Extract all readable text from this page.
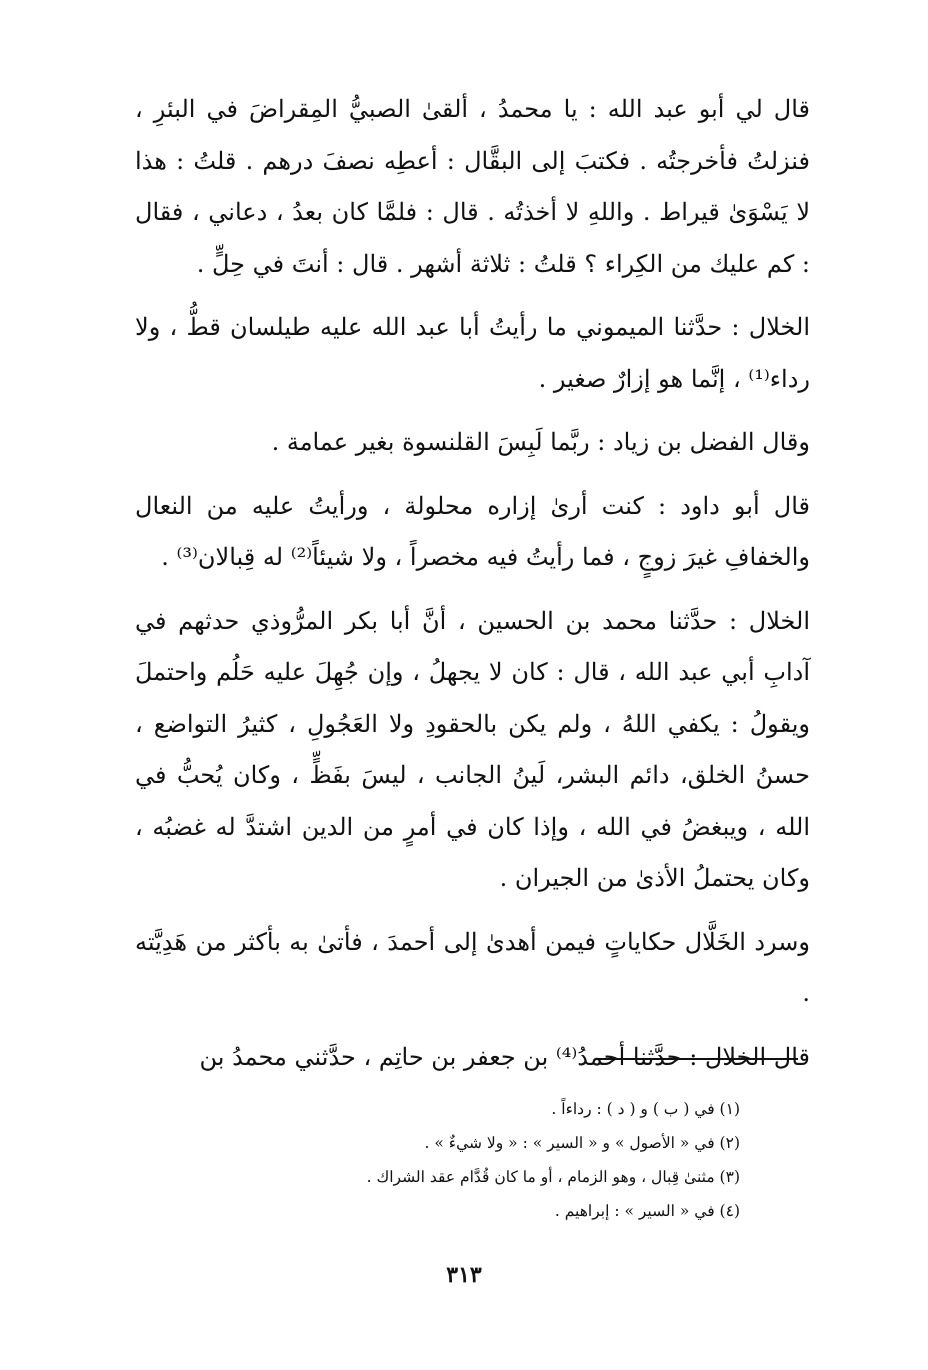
قال لي أبو عبد الله : يا محمدُ ، ألقىٰ الصبيُّ المِقراضَ في البئرِ ، فنزلتُ فأخرجتُه . فكتبَ إلى البقَّال : أعطِه نصفَ درهم . قلتُ : هذا لا يَسْوَىٰ قيراط . واللهِ لا أخذتُه . قال : فلمَّا كان بعدُ ، دعاني ، فقال : كم عليك من الكِراء ؟ قلتُ : ثلاثة أشهر . قال : أنتَ في حِلٍّ .

الخلال : حدَّثنا الميموني ما رأيتُ أبا عبد الله عليه طيلسان قطُّ ، ولا رداء⁽¹⁾ ، إنَّما هو إزارٌ صغير .

وقال الفضل بن زياد : ربَّما لَبِسَ القلنسوة بغير عمامة .

قال أبو داود : كنت أرىٰ إزاره محلولة ، ورأيتُ عليه من النعال والخفافِ غيرَ زوجٍ ، فما رأيتُ فيه مخصراً ، ولا شيئاً⁽²⁾ له قِبالان⁽³⁾ .

الخلال : حدَّثنا محمد بن الحسين ، أنَّ أبا بكر المرُّوذي حدثهم في آدابِ أبي عبد الله ، قال : كان لا يجهلُ ، وإن جُهِلَ عليه حَلُم واحتملَ ويقولُ : يكفي اللهُ ، ولم يكن بالحقودِ ولا العَجُولِ ، كثيرُ التواضع ، حسنُ الخلق، دائم البشر، لَينُ الجانب ، ليسَ بفَظٍّ ، وكان يُحبُّ في الله ، ويبغضُ في الله ، وإذا كان في أمرٍ من الدين اشتدَّ له غضبُه ، وكان يحتملُ الأذىٰ من الجيران .

وسرد الخَلَّال حكاياتٍ فيمن أهدىٰ إلى أحمدَ ، فأتىٰ به بأكثر من هَدِيَّته .

قال الخلال : حدَّثنا أحمدُ⁽⁴⁾ بن جعفر بن حاتِم ، حدَّثني محمدُ بن

(١) في ( ب ) و ( د ) : رداءاً .
(٢) في « الأصول » و « السير » : « ولا شيءٌ » .
(٣) مثنىٰ قِبال ، وهو الزمام ، أو ما كان قُدَّام عقد الشراك .
(٤) في « السير » : إبراهيم .
٣١٣
